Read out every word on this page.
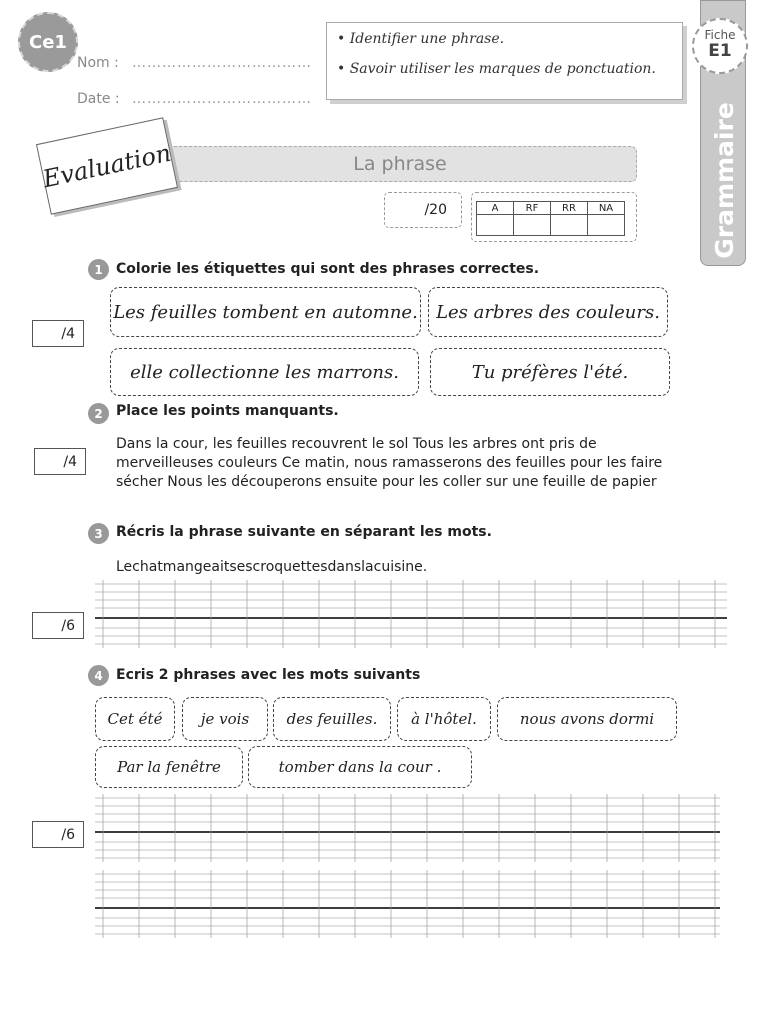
Ce1
Nom : ………………………………
Date : ………………………………
• Identifier une phrase.
• Savoir utiliser les marques de ponctuation.
Grammaire
Fiche
E1
La phrase
Evaluation
/20	A	RF	RR	NA

1 Colorie les étiquettes qui sont des phrases correctes.
/4
Les feuilles tombent en automne.	Les arbres des couleurs.
elle collectionne les marrons.	Tu préfères l'été.
2 Place les points manquants.
/4
Dans la cour, les feuilles recouvrent le sol Tous les arbres ont pris de
merveilleuses couleurs Ce matin, nous ramasserons des feuilles pour les faire
sécher Nous les découperons ensuite pour les coller sur une feuille de papier
3 Récris la phrase suivante en séparant les mots.
Lechatmangeaitsescroquettesdanslacuisine.
/6
4 Ecris 2 phrases avec les mots suivants
Cet été	je vois	des feuilles.	à l'hôtel.	nous avons dormi
Par la fenêtre	tomber dans la cour .
/6
